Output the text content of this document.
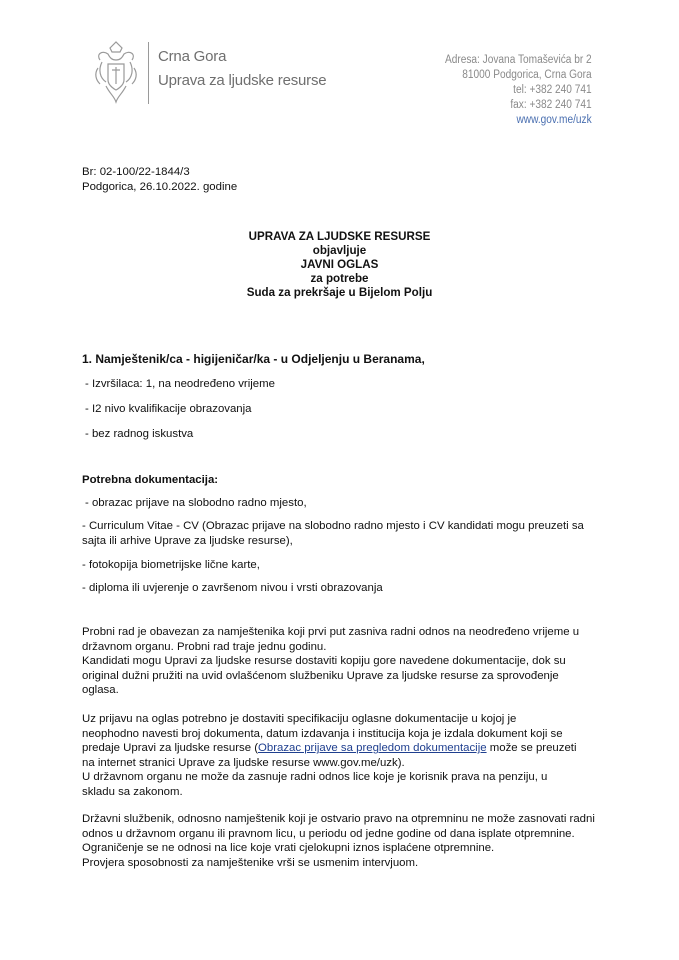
Crna Gora
Uprava za ljudske resurse
Adresa: Jovana Tomaševića br 2
81000 Podgorica, Crna Gora
tel: +382 240 741
fax: +382 240 741
www.gov.me/uzk
Br: 02-100/22-1844/3
Podgorica, 26.10.2022. godine
UPRAVA ZA LJUDSKE RESURSE
objavljuje
JAVNI OGLAS
za potrebe
Suda za prekršaje u Bijelom Polju
1. Namještenik/ca - higijeničar/ka - u Odjeljenju u Beranama,
- Izvršilaca: 1, na neodređeno vrijeme
- I2 nivo kvalifikacije obrazovanja
- bez radnog iskustva
Potrebna dokumentacija:
- obrazac prijave na slobodno radno mjesto,
- Curriculum Vitae - CV (Obrazac prijave na slobodno radno mjesto i CV kandidati mogu preuzeti sa
sajta ili arhive Uprave za ljudske resurse),
- fotokopija biometrijske lične karte,
- diploma ili uvjerenje o završenom nivou i vrsti obrazovanja
Probni rad je obavezan za namještenika koji prvi put zasniva radni odnos na neodređeno vrijeme u
državnom organu. Probni rad traje jednu godinu.
Kandidati mogu Upravi za ljudske resurse dostaviti kopiju gore navedene dokumentacije, dok su
original dužni pružiti na uvid ovlašćenom službeniku Uprave za ljudske resurse za sprovođenje
oglasa.
Uz prijavu na oglas potrebno je dostaviti specifikaciju oglasne dokumentacije u kojoj je
neophodno navesti broj dokumenta, datum izdavanja i institucija koja je izdala dokument koji se
predaje Upravi za ljudske resurse (Obrazac prijave sa pregledom dokumentacije može se preuzeti
na internet stranici Uprave za ljudske resurse www.gov.me/uzk).
U državnom organu ne može da zasnuje radni odnos lice koje je korisnik prava na penziju, u
skladu sa zakonom.
Državni službenik, odnosno namještenik koji je ostvario pravo na otpremninu ne može zasnovati radni
odnos u državnom organu ili pravnom licu, u periodu od jedne godine od dana isplate otpremnine.
Ograničenje se ne odnosi na lice koje vrati cjelokupni iznos isplaćene otpremnine.
Provjera sposobnosti za namještenike vrši se usmenim intervjuom.
